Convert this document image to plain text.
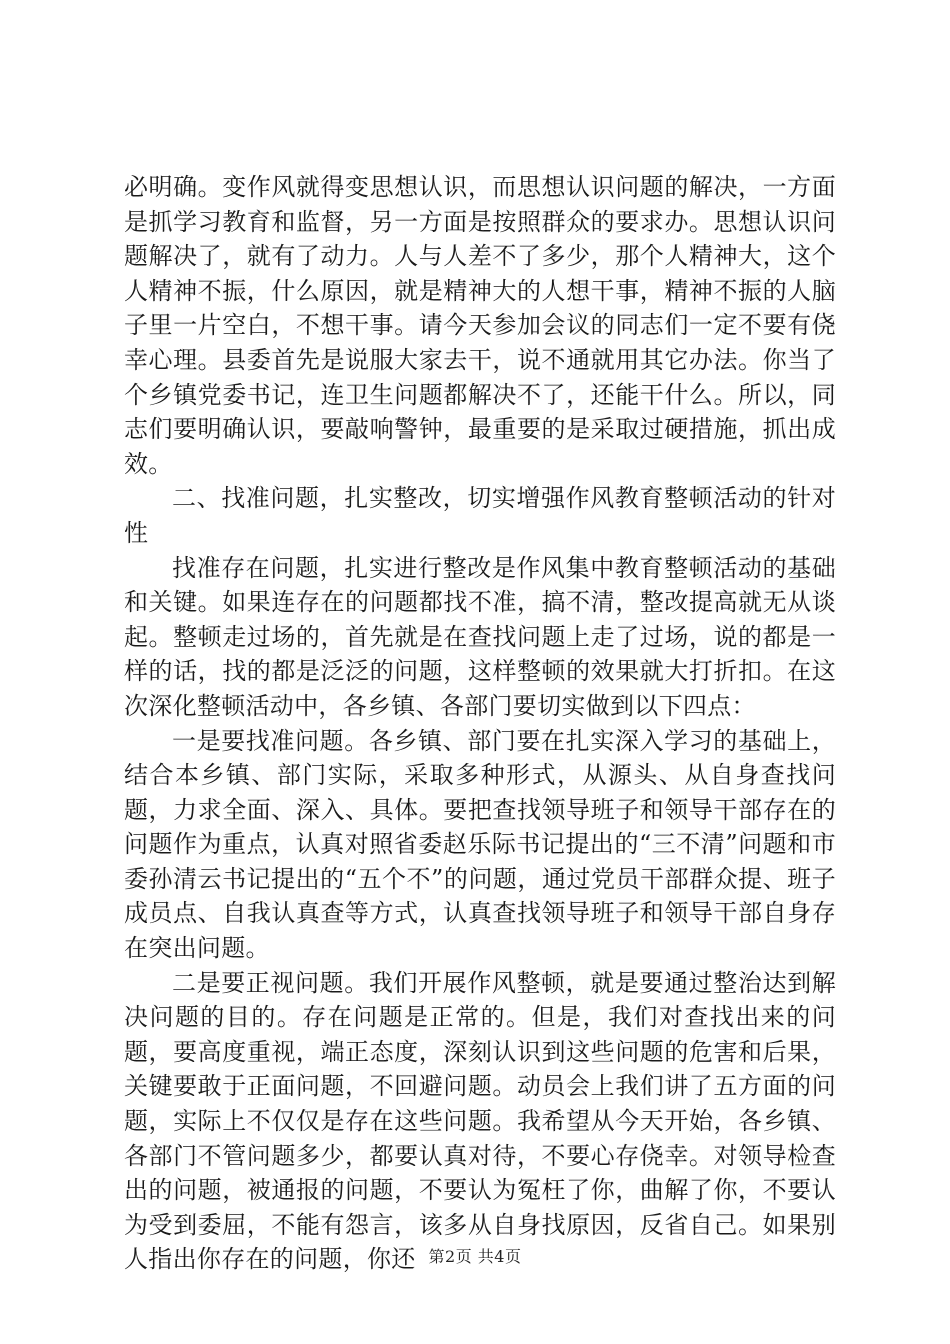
必明确。变作风就得变思想认识，而思想认识问题的解决，一方面是抓学习教育和监督，另一方面是按照群众的要求办。思想认识问题解决了，就有了动力。人与人差不了多少，那个人精神大，这个人精神不振，什么原因，就是精神大的人想干事，精神不振的人脑子里一片空白，不想干事。请今天参加会议的同志们一定不要有侥幸心理。县委首先是说服大家去干，说不通就用其它办法。你当了个乡镇党委书记，连卫生问题都解决不了，还能干什么。所以，同志们要明确认识，要敲响警钟，最重要的是采取过硬措施，抓出成效。

二、找准问题，扎实整改，切实增强作风教育整顿活动的针对性

找准存在问题，扎实进行整改是作风集中教育整顿活动的基础和关键。如果连存在的问题都找不准，搞不清，整改提高就无从谈起。整顿走过场的，首先就是在查找问题上走了过场，说的都是一样的话，找的都是泛泛的问题，这样整顿的效果就大打折扣。在这次深化整顿活动中，各乡镇、各部门要切实做到以下四点：

一是要找准问题。各乡镇、部门要在扎实深入学习的基础上，结合本乡镇、部门实际，采取多种形式，从源头、从自身查找问题，力求全面、深入、具体。要把查找领导班子和领导干部存在的问题作为重点，认真对照省委赵乐际书记提出的“三不清”问题和市委孙清云书记提出的“五个不”的问题，通过党员干部群众提、班子成员点、自我认真查等方式，认真查找领导班子和领导干部自身存在突出问题。

二是要正视问题。我们开展作风整顿，就是要通过整治达到解决问题的目的。存在问题是正常的。但是，我们对查找出来的问题，要高度重视，端正态度，深刻认识到这些问题的危害和后果，关键要敢于正面问题，不回避问题。动员会上我们讲了五方面的问题，实际上不仅仅是存在这些问题。我希望从今天开始，各乡镇、各部门不管问题多少，都要认真对待，不要心存侥幸。对领导检查出的问题，被通报的问题，不要认为冤枉了你，曲解了你，不要认为受到委屈，不能有怨言，该多从自身找原因，反省自己。如果别人指出你存在的问题，你还 第2页 共4页
